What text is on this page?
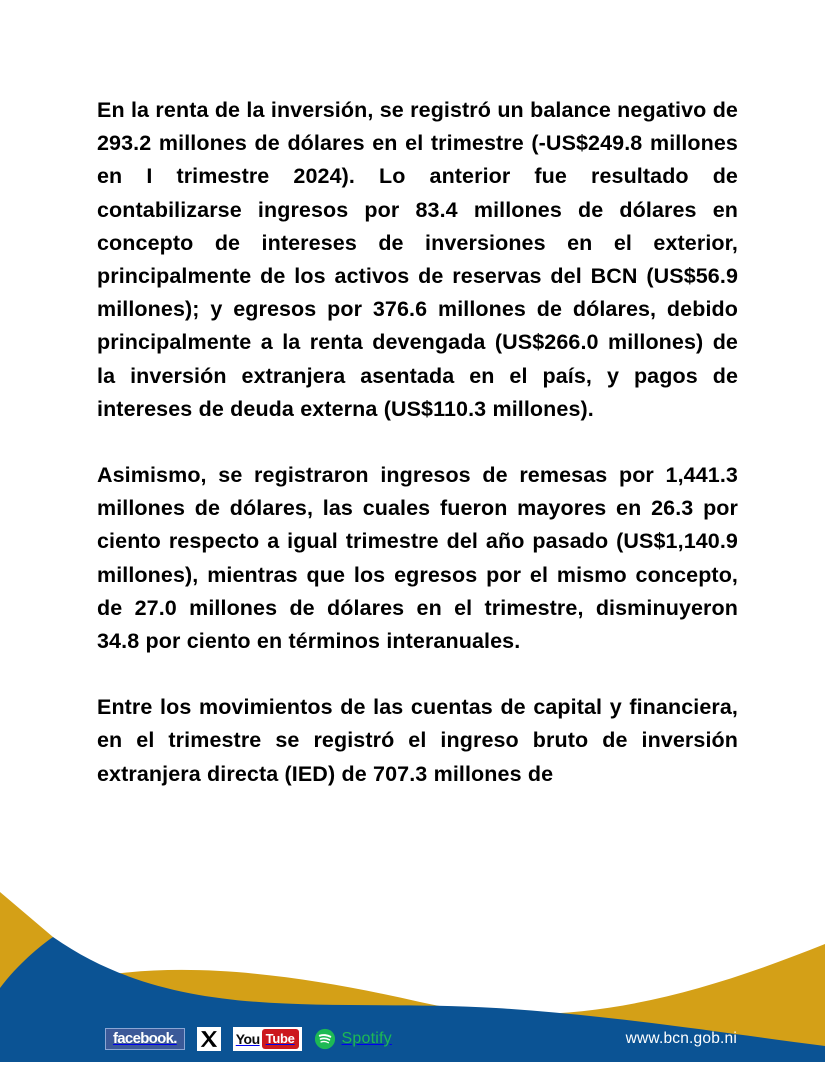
En la renta de la inversión, se registró un balance negativo de 293.2 millones de dólares en el trimestre (-US$249.8 millones en I trimestre 2024). Lo anterior fue resultado de contabilizarse ingresos por 83.4 millones de dólares en concepto de intereses de inversiones en el exterior, principalmente de los activos de reservas del BCN (US$56.9 millones); y egresos por 376.6 millones de dólares, debido principalmente a la renta devengada (US$266.0 millones) de la inversión extranjera asentada en el país, y pagos de intereses de deuda externa (US$110.3 millones).

Asimismo, se registraron ingresos de remesas por 1,441.3 millones de dólares, las cuales fueron mayores en 26.3 por ciento respecto a igual trimestre del año pasado (US$1,140.9 millones), mientras que los egresos por el mismo concepto, de 27.0 millones de dólares en el trimestre, disminuyeron 34.8 por ciento en términos interanuales.

Entre los movimientos de las cuentas de capital y financiera, en el trimestre se registró el ingreso bruto de inversión extranjera directa (IED) de 707.3 millones de

facebook.	You Tube	Spotify	www.bcn.gob.ni
